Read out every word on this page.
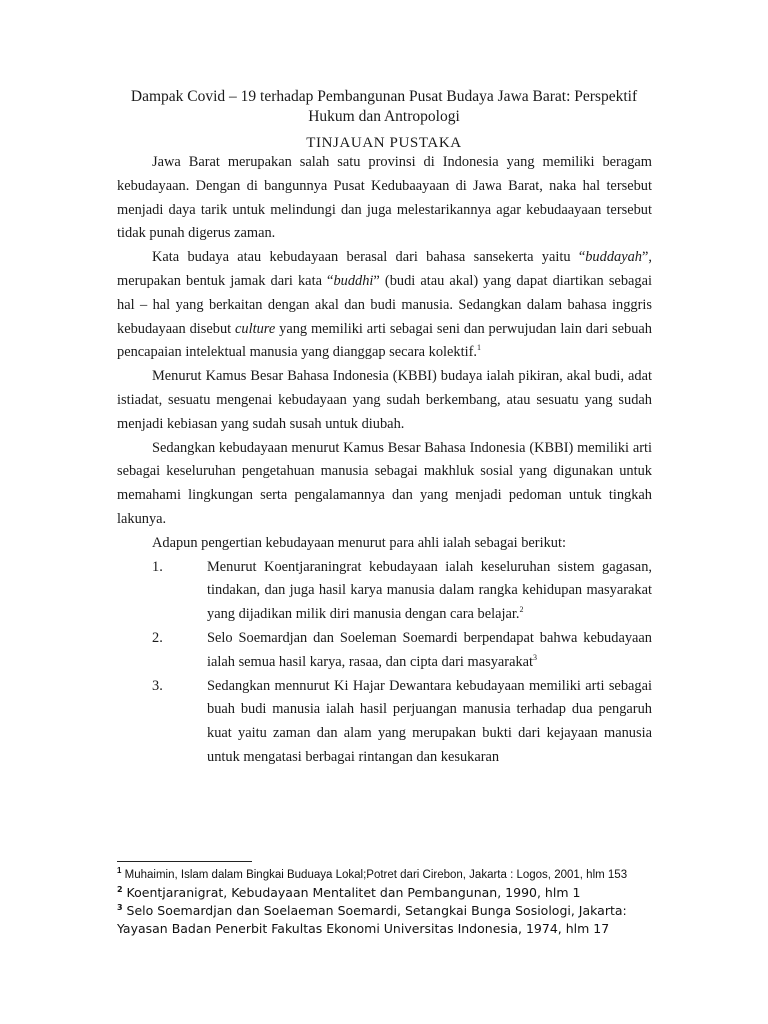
Dampak Covid – 19 terhadap Pembangunan Pusat Budaya Jawa Barat: Perspektif
Hukum dan Antropologi
TINJAUAN PUSTAKA

Jawa Barat merupakan salah satu provinsi di Indonesia yang memiliki beragam kebudayaan. Dengan di bangunnya Pusat Kedubaayaan di Jawa Barat, naka hal tersebut menjadi daya tarik untuk melindungi dan juga melestarikannya agar kebudaayaan tersebut tidak punah digerus zaman.

Kata budaya atau kebudayaan berasal dari bahasa sansekerta yaitu “buddayah”, merupakan bentuk jamak dari kata “buddhi” (budi atau akal) yang dapat diartikan sebagai hal – hal yang berkaitan dengan akal dan budi manusia. Sedangkan dalam bahasa inggris kebudayaan disebut culture yang memiliki arti sebagai seni dan perwujudan lain dari sebuah pencapaian intelektual manusia yang dianggap secara kolektif.$^1$

Menurut Kamus Besar Bahasa Indonesia (KBBI) budaya ialah pikiran, akal budi, adat istiadat, sesuatu mengenai kebudayaan yang sudah berkembang, atau sesuatu yang sudah menjadi kebiasan yang sudah susah untuk diubah.

Sedangkan kebudayaan menurut Kamus Besar Bahasa Indonesia (KBBI) memiliki arti sebagai keseluruhan pengetahuan manusia sebagai makhluk sosial yang digunakan untuk memahami lingkungan serta pengalamannya dan yang menjadi pedoman untuk tingkah lakunya.

Adapun pengertian kebudayaan menurut para ahli ialah sebagai berikut:

1.	Menurut Koentjaraningrat kebudayaan ialah keseluruhan sistem gagasan, tindakan, dan juga hasil karya manusia dalam rangka kehidupan masyarakat yang dijadikan milik diri manusia dengan cara belajar.$^2$
2.	Selo Soemardjan dan Soeleman Soemardi berpendapat bahwa kebudayaan ialah semua hasil karya, rasaa, dan cipta dari masyarakat$^3$
3.	Sedangkan mennurut Ki Hajar Dewantara kebudayaan memiliki arti sebagai buah budi manusia ialah hasil perjuangan manusia terhadap dua pengaruh kuat yaitu zaman dan alam yang merupakan bukti dari kejayaan manusia untuk mengatasi berbagai rintangan dan kesukaran
$^1$ Muhaimin, Islam dalam Bingkai Buduaya Lokal;Potret dari Cirebon, Jakarta : Logos, 2001, hlm 153
$^2$ Koentjaranigrat, Kebudayaan Mentalitet dan Pembangunan, 1990, hlm 1
$^3$ Selo Soemardjan dan Soelaeman Soemardi, Setangkai Bunga Sosiologi, Jakarta: Yayasan Badan Penerbit Fakultas Ekonomi Universitas Indonesia, 1974, hlm 17
